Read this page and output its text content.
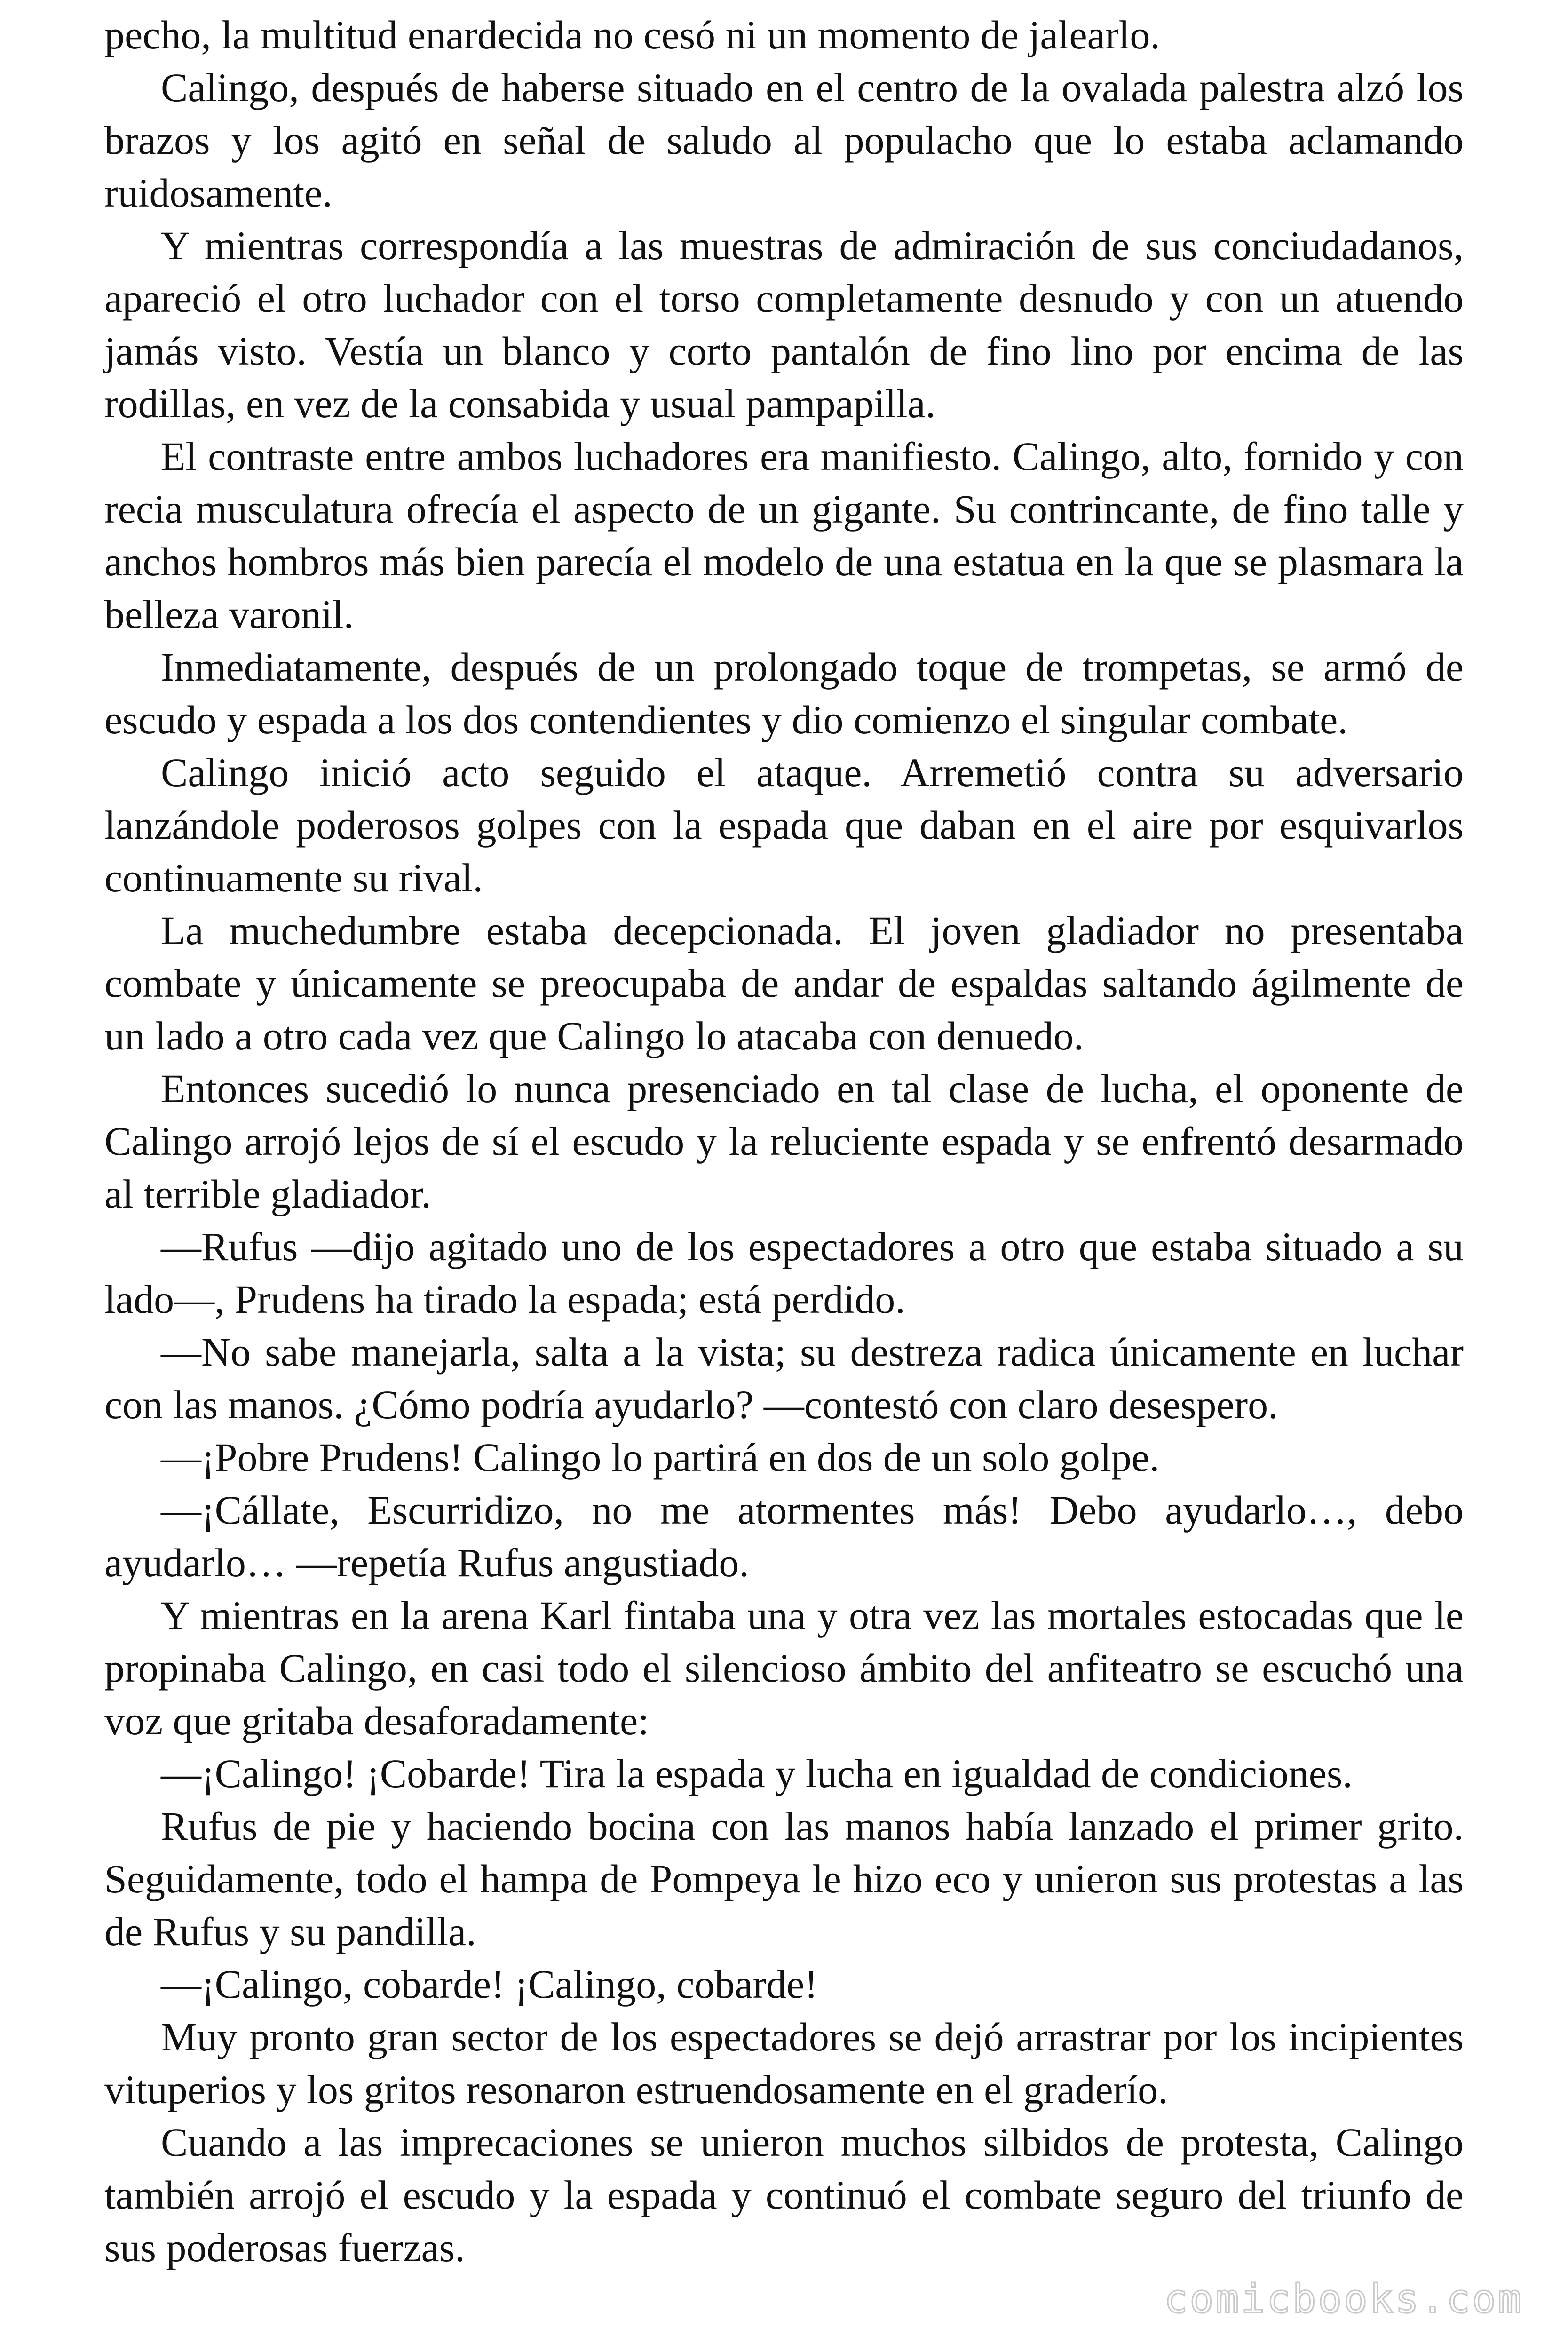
pecho, la multitud enardecida no cesó ni un momento de jalearlo.

Calingo, después de haberse situado en el centro de la ovalada palestra alzó los brazos y los agitó en señal de saludo al populacho que lo estaba aclamando ruidosamente.

Y mientras correspondía a las muestras de admiración de sus conciudadanos, apareció el otro luchador con el torso completamente desnudo y con un atuendo jamás visto. Vestía un blanco y corto pantalón de fino lino por encima de las rodillas, en vez de la consabida y usual pampapilla.

El contraste entre ambos luchadores era manifiesto. Calingo, alto, fornido y con recia musculatura ofrecía el aspecto de un gigante. Su contrincante, de fino talle y anchos hombros más bien parecía el modelo de una estatua en la que se plasmara la belleza varonil.

Inmediatamente, después de un prolongado toque de trompetas, se armó de escudo y espada a los dos contendientes y dio comienzo el singular combate.

Calingo inició acto seguido el ataque. Arremetió contra su adversario lanzándole poderosos golpes con la espada que daban en el aire por esquivarlos continuamente su rival.

La muchedumbre estaba decepcionada. El joven gladiador no presentaba combate y únicamente se preocupaba de andar de espaldas saltando ágilmente de un lado a otro cada vez que Calingo lo atacaba con denuedo.

Entonces sucedió lo nunca presenciado en tal clase de lucha, el oponente de Calingo arrojó lejos de sí el escudo y la reluciente espada y se enfrentó desarmado al terrible gladiador.

—Rufus —dijo agitado uno de los espectadores a otro que estaba situado a su lado—, Prudens ha tirado la espada; está perdido.

—No sabe manejarla, salta a la vista; su destreza radica únicamente en luchar con las manos. ¿Cómo podría ayudarlo? —contestó con claro desespero.

—¡Pobre Prudens! Calingo lo partirá en dos de un solo golpe.

—¡Cállate, Escurridizo, no me atormentes más! Debo ayudarlo…, debo ayudarlo… —repetía Rufus angustiado.

Y mientras en la arena Karl fintaba una y otra vez las mortales estocadas que le propinaba Calingo, en casi todo el silencioso ámbito del anfiteatro se escuchó una voz que gritaba desaforadamente:

—¡Calingo! ¡Cobarde! Tira la espada y lucha en igualdad de condiciones.

Rufus de pie y haciendo bocina con las manos había lanzado el primer grito. Seguidamente, todo el hampa de Pompeya le hizo eco y unieron sus protestas a las de Rufus y su pandilla.

—¡Calingo, cobarde! ¡Calingo, cobarde!

Muy pronto gran sector de los espectadores se dejó arrastrar por los incipientes vituperios y los gritos resonaron estruendosamente en el graderío.

Cuando a las imprecaciones se unieron muchos silbidos de protesta, Calingo también arrojó el escudo y la espada y continuó el combate seguro del triunfo de sus poderosas fuerzas.

comicbooks.com
